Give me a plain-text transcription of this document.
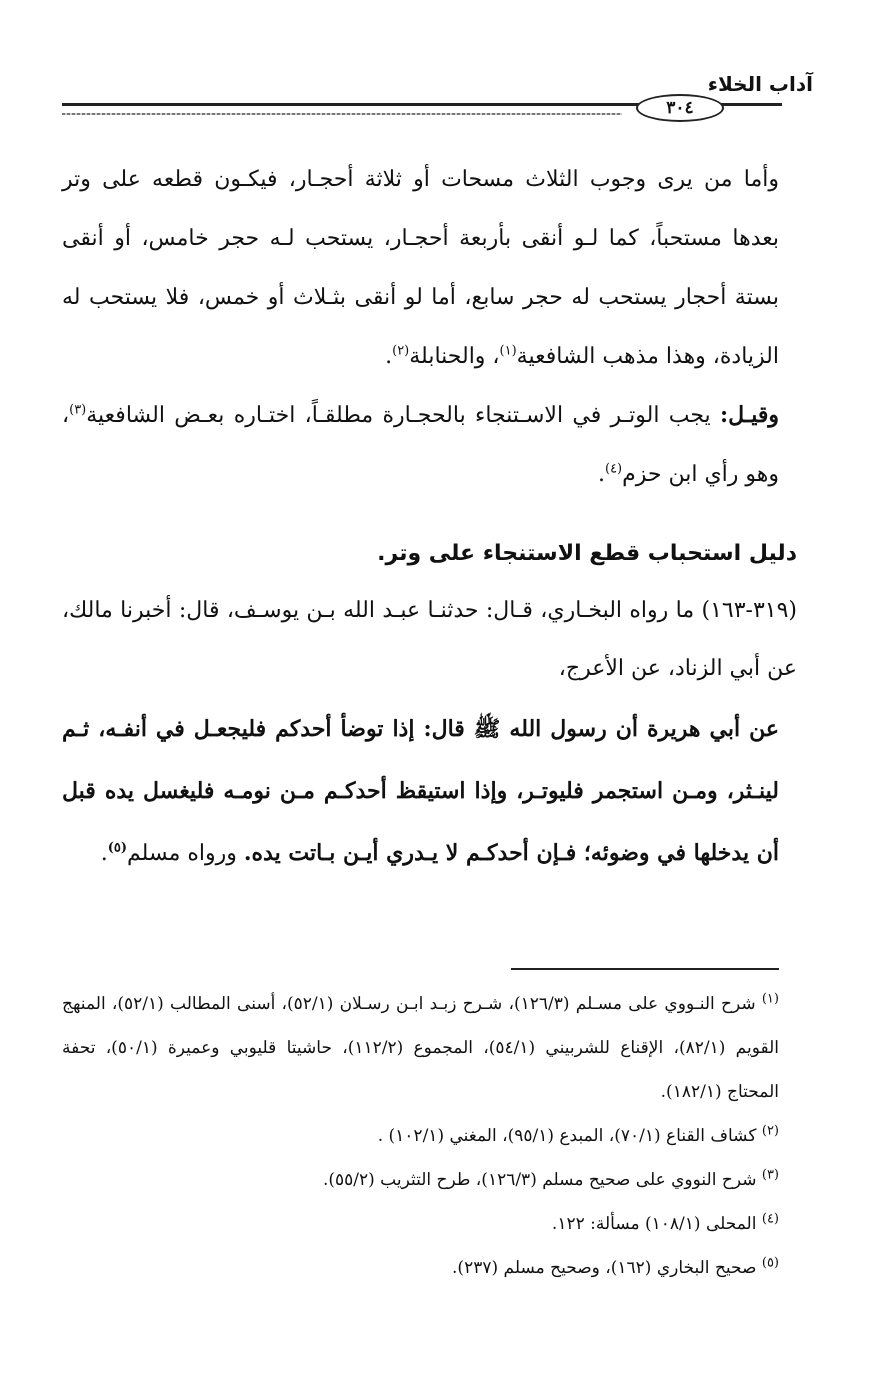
آداب الخلاء
٣٠٤

وأما من يرى وجوب الثلاث مسحات أو ثلاثة أحجـار، فيكـون قطعه على وتر بعدها مستحباً، كما لـو أنقى بأربعة أحجـار، يستحب لـه حجر خامس، أو أنقى بستة أحجار يستحب له حجر سابع، أما لو أنقى بثـلاث أو خمس، فلا يستحب له الزيادة، وهذا مذهب الشافعية$^{(١)}$، والحنابلة$^{(٢)}$.

وقيـل: يجب الوتـر في الاسـتنجاء بالحجـارة مطلقـاً، اختـاره بعـض الشافعية$^{(٣)}$، وهو رأي ابن حزم$^{(٤)}$.

دليل استحباب قطع الاستنجاء على وتر.

(٣١٩-١٦٣) ما رواه البخـاري، قـال: حدثنـا عبـد الله بـن يوسـف، قال: أخبرنا مالك، عن أبي الزناد، عن الأعرج،

عن أبي هريرة أن رسول الله ﷺ قال: إذا توضأ أحدكم فليجعـل في أنفـه، ثـم لينـثر، ومـن استجمر فليوتـر، وإذا استيقظ أحدكـم مـن نومـه فليغسل يده قبل أن يدخلها في وضوئه؛ فـإن أحدكـم لا يـدري أيـن بـاتت يده. ورواه مسلم$^{(٥)}$.

$^{(١)}$ شرح النـووي على مسـلم (١٢٦/٣)، شـرح زبـد ابـن رسـلان (٥٢/١)، أسنى المطالب (٥٢/١)، المنهج القويم (٨٢/١)، الإقناع للشربيني (٥٤/١)، المجموع (١١٢/٢)، حاشيتا قليوبي وعميرة (٥٠/١)، تحفة المحتاج (١٨٢/١).

$^{(٢)}$ كشاف القناع (٧٠/١)، المبدع (٩٥/١)، المغني (١٠٢/١) .

$^{(٣)}$ شرح النووي على صحيح مسلم (١٢٦/٣)، طرح التثريب (٥٥/٢).

$^{(٤)}$ المحلى (١٠٨/١) مسألة: ١٢٢.

$^{(٥)}$ صحيح البخاري (١٦٢)، وصحيح مسلم (٢٣٧).
